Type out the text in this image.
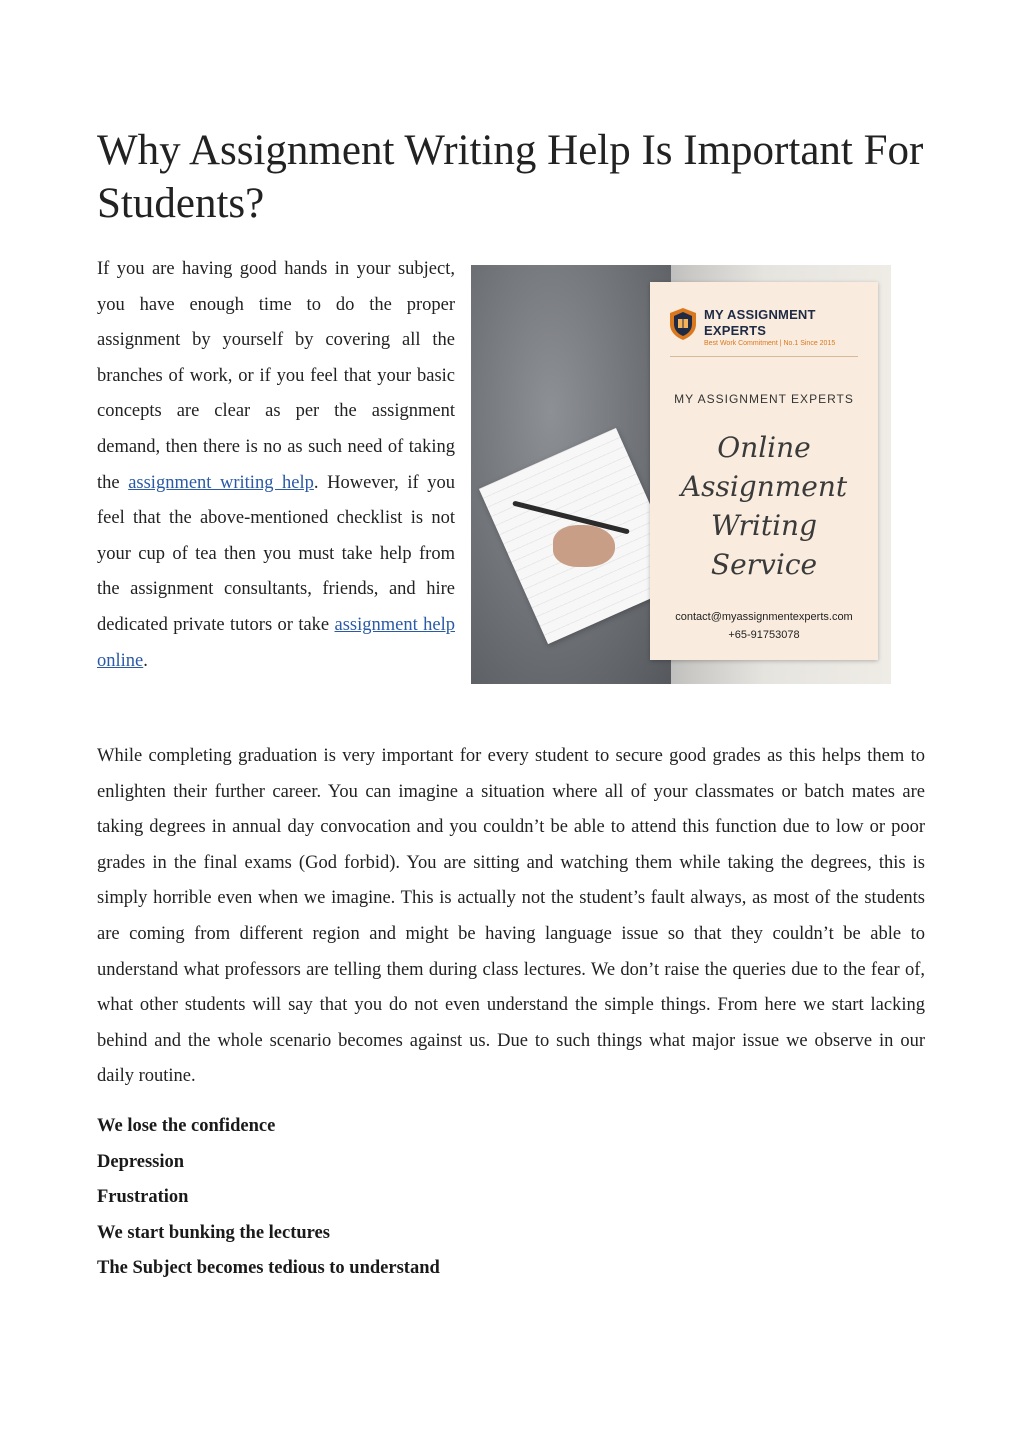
Why Assignment Writing Help Is Important For Students?

If you are having good hands in your subject, you have enough time to do the proper assignment by yourself by covering all the branches of work, or if you feel that your basic concepts are clear as per the assignment demand, then there is no as such need of taking the assignment writing help. However, if you feel that the above-mentioned checklist is not your cup of tea then you must take help from the assignment consultants, friends, and hire dedicated private tutors or take assignment help online.

MY ASSIGNMENT EXPERTS
Best Work Commitment | No.1 Since 2015
MY ASSIGNMENT EXPERTS
Online
Assignment
Writing
Service
contact@myassignmentexperts.com
+65-91753078

While completing graduation is very important for every student to secure good grades as this helps them to enlighten their further career. You can imagine a situation where all of your classmates or batch mates are taking degrees in annual day convocation and you couldn’t be able to attend this function due to low or poor grades in the final exams (God forbid). You are sitting and watching them while taking the degrees, this is simply horrible even when we imagine. This is actually not the student’s fault always, as most of the students are coming from different region and might be having language issue so that they couldn’t be able to understand what professors are telling them during class lectures. We don’t raise the queries due to the fear of, what other students will say that you do not even understand the simple things. From here we start lacking behind and the whole scenario becomes against us. Due to such things what major issue we observe in our daily routine.

We lose the confidence
Depression
Frustration
We start bunking the lectures
The Subject becomes tedious to understand
